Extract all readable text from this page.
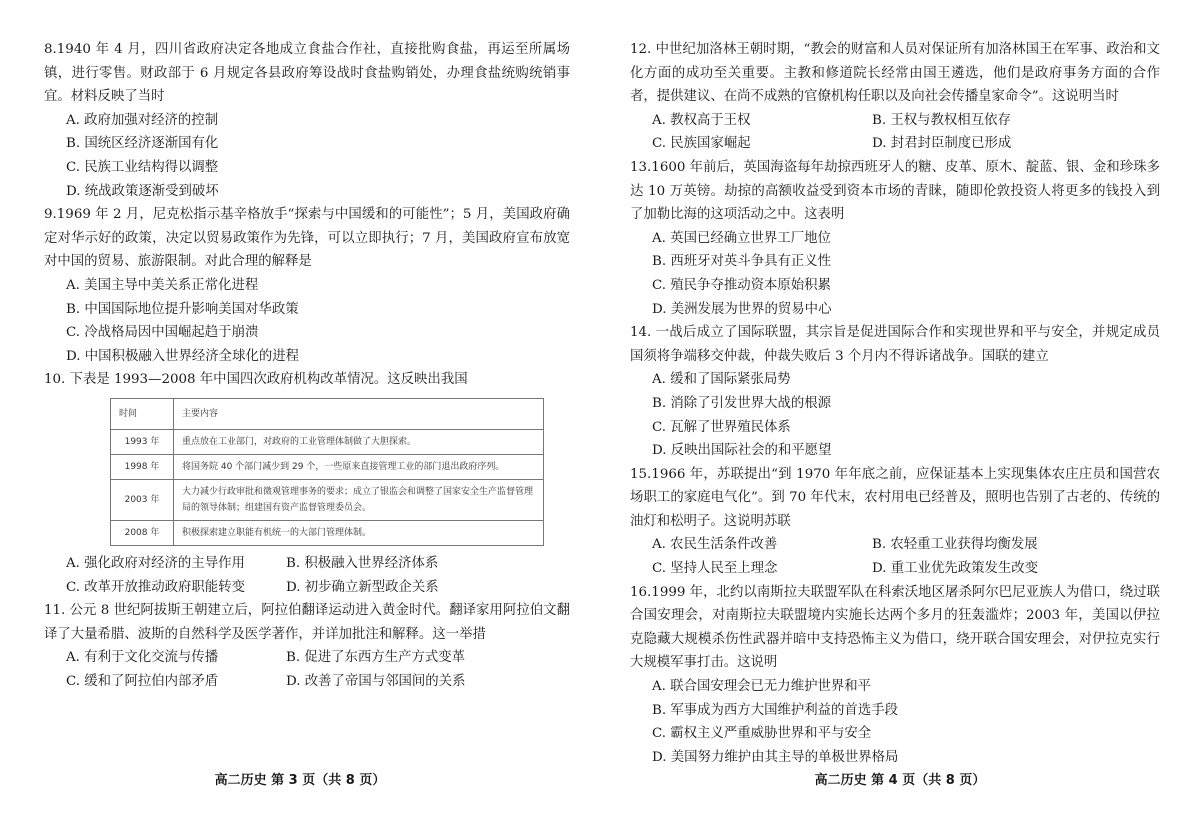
8.1940 年 4 月，四川省政府决定各地成立食盐合作社，直接批购食盐，再运至所属场镇，进行零售。财政部于 6 月规定各县政府筹设战时食盐购销处，办理食盐统购统销事宜。材料反映了当时
A. 政府加强对经济的控制
B. 国统区经济逐渐国有化
C. 民族工业结构得以调整
D. 统战政策逐渐受到破坏
9.1969 年 2 月，尼克松指示基辛格放手“探索与中国缓和的可能性”；5 月，美国政府确定对华示好的政策，决定以贸易政策作为先锋，可以立即执行；7 月，美国政府宣布放宽对中国的贸易、旅游限制。对此合理的解释是
A. 美国主导中美关系正常化进程
B. 中国国际地位提升影响美国对华政策
C. 冷战格局因中国崛起趋于崩溃
D. 中国积极融入世界经济全球化的进程
10. 下表是 1993—2008 年中国四次政府机构改革情况。这反映出我国
时间	主要内容
1993 年	重点放在工业部门，对政府的工业管理体制做了大胆探索。
1998 年	将国务院 40 个部门减少到 29 个，一些原来直接管理工业的部门退出政府序列。
2003 年	大力减少行政审批和微观管理事务的要求；成立了银监会和调整了国家安全生产监督管理局的领导体制；组建国有资产监督管理委员会。
2008 年	积极探索建立职能有机统一的大部门管理体制。
A. 强化政府对经济的主导作用	B. 积极融入世界经济体系
C. 改革开放推动政府职能转变	D. 初步确立新型政企关系
11. 公元 8 世纪阿拔斯王朝建立后，阿拉伯翻译运动进入黄金时代。翻译家用阿拉伯文翻译了大量希腊、波斯的自然科学及医学著作，并详加批注和解释。这一举措
A. 有利于文化交流与传播	B. 促进了东西方生产方式变革
C. 缓和了阿拉伯内部矛盾	D. 改善了帝国与邻国间的关系
高二历史 第 3 页（共 8 页）
12. 中世纪加洛林王朝时期，“教会的财富和人员对保证所有加洛林国王在军事、政治和文化方面的成功至关重要。主教和修道院长经常由国王遴选，他们是政府事务方面的合作者，提供建议、在尚不成熟的官僚机构任职以及向社会传播皇家命令”。这说明当时
A. 教权高于王权	B. 王权与教权相互依存
C. 民族国家崛起	D. 封君封臣制度已形成
13.1600 年前后，英国海盗每年劫掠西班牙人的糖、皮革、原木、靛蓝、银、金和珍珠多达 10 万英镑。劫掠的高额收益受到资本市场的青睐，随即伦敦投资人将更多的钱投入到了加勒比海的这项活动之中。这表明
A. 英国已经确立世界工厂地位
B. 西班牙对英斗争具有正义性
C. 殖民争夺推动资本原始积累
D. 美洲发展为世界的贸易中心
14. 一战后成立了国际联盟，其宗旨是促进国际合作和实现世界和平与安全，并规定成员国须将争端移交仲裁，仲裁失败后 3 个月内不得诉诸战争。国联的建立
A. 缓和了国际紧张局势
B. 消除了引发世界大战的根源
C. 瓦解了世界殖民体系
D. 反映出国际社会的和平愿望
15.1966 年，苏联提出“到 1970 年年底之前，应保证基本上实现集体农庄庄员和国营农场职工的家庭电气化”。到 70 年代末，农村用电已经普及，照明也告别了古老的、传统的油灯和松明子。这说明苏联
A. 农民生活条件改善	B. 农轻重工业获得均衡发展
C. 坚持人民至上理念	D. 重工业优先政策发生改变
16.1999 年，北约以南斯拉夫联盟军队在科索沃地区屠杀阿尔巴尼亚族人为借口，绕过联合国安理会，对南斯拉夫联盟境内实施长达两个多月的狂轰滥炸；2003 年，美国以伊拉克隐藏大规模杀伤性武器并暗中支持恐怖主义为借口，绕开联合国安理会，对伊拉克实行大规模军事打击。这说明
A. 联合国安理会已无力维护世界和平
B. 军事成为西方大国维护利益的首选手段
C. 霸权主义严重威胁世界和平与安全
D. 美国努力维护由其主导的单极世界格局
高二历史 第 4 页（共 8 页）
